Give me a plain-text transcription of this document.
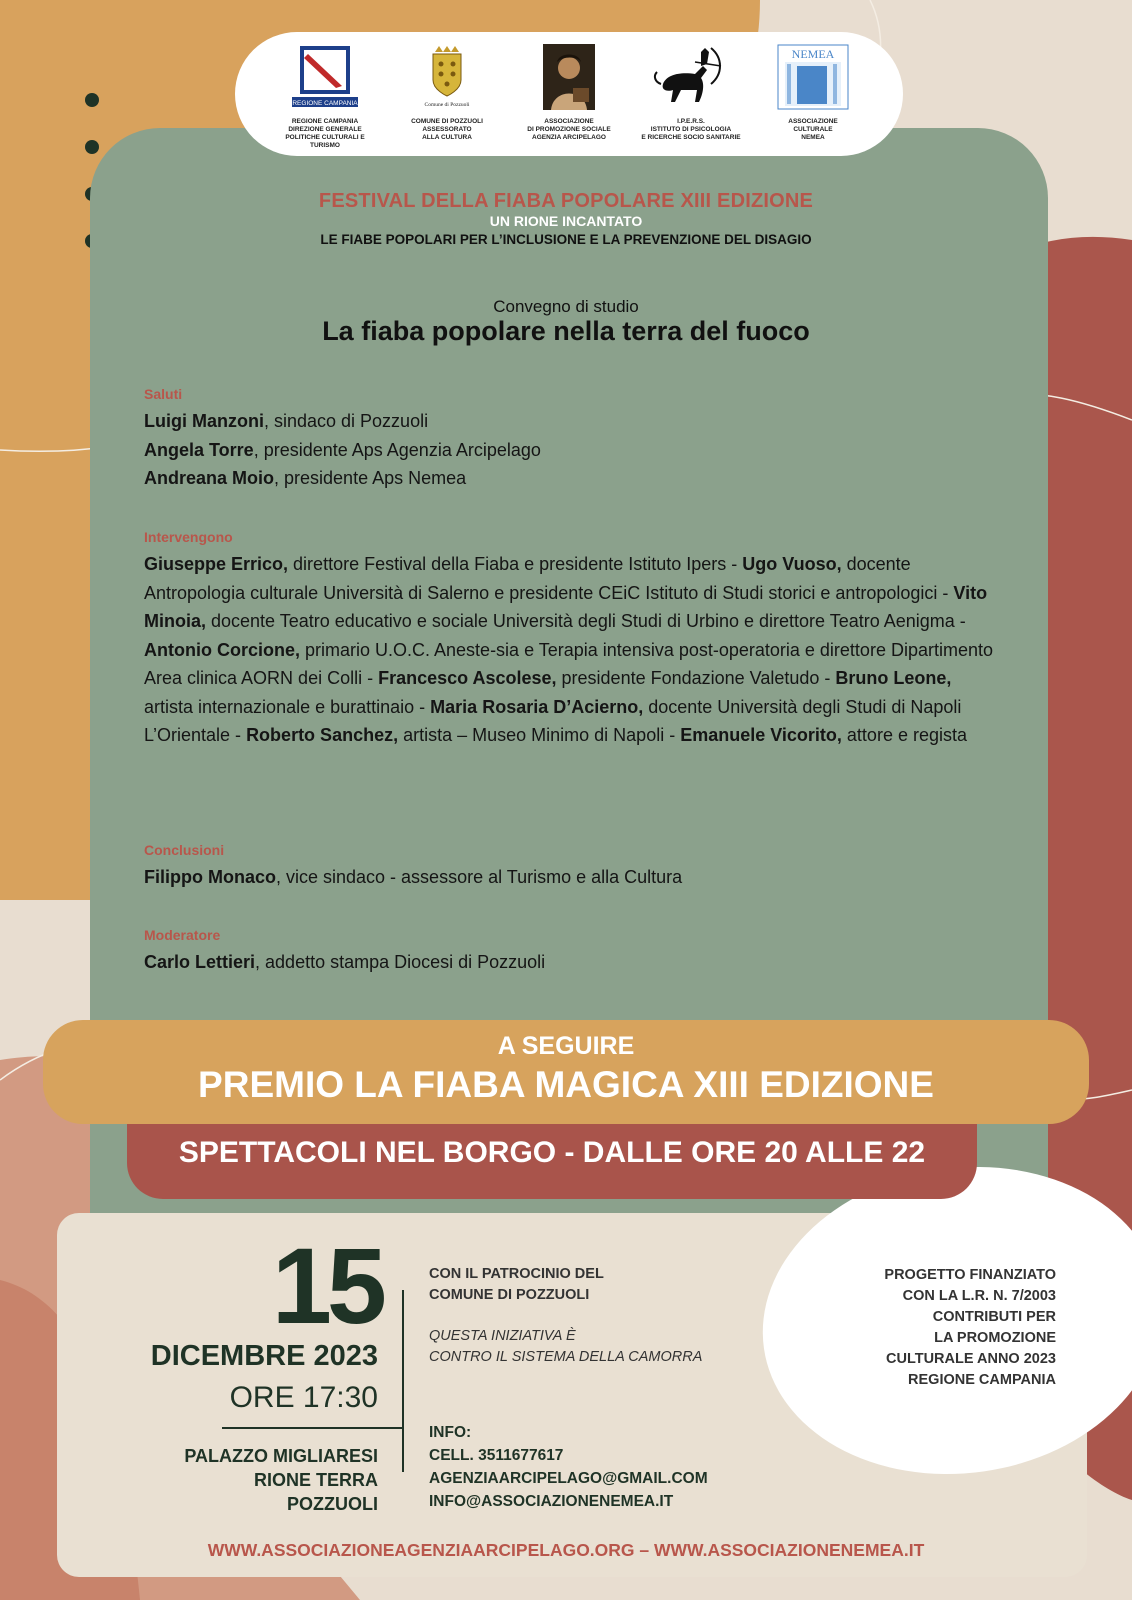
REGIONE CAMPANIA
REGIONE CAMPANIA
DIREZIONE GENERALE
POLITICHE CULTURALI E TURISMO
Comune di Pozzuoli
COMUNE DI POZZUOLI
ASSESSORATO
ALLA CULTURA
ASSOCIAZIONE
DI PROMOZIONE SOCIALE
AGENZIA ARCIPELAGO
I.P.E.R.S.
ISTITUTO DI PSICOLOGIA
E RICERCHE SOCIO SANITARIE
NEMEA
ASSOCIAZIONE
CULTURALE
NEMEA
FESTIVAL DELLA FIABA POPOLARE XIII EDIZIONE
UN RIONE INCANTATO
LE FIABE POPOLARI PER L’INCLUSIONE E LA PREVENZIONE DEL DISAGIO
Convegno di studio
La fiaba popolare nella terra del fuoco
Saluti
Luigi Manzoni, sindaco di Pozzuoli
Angela Torre, presidente Aps Agenzia Arcipelago
Andreana Moio, presidente Aps Nemea
Intervengono
Giuseppe Errico, direttore Festival della Fiaba e presidente Istituto Ipers - Ugo Vuoso, docente Antropologia culturale Università di Salerno e presidente CEiC Istituto di Studi storici e antropologici - Vito Minoia, docente Teatro educativo e sociale Università degli Studi di Urbino e direttore Teatro Aenigma - Antonio Corcione, primario U.O.C. Aneste-sia e Terapia intensiva post-operatoria e direttore Dipartimento Area clinica AORN dei Colli - Francesco Ascolese, presidente Fondazione Valetudo - Bruno Leone, artista internazionale e burattinaio - Maria Rosaria D’Acierno, docente Università degli Studi di Napoli L’Orientale - Roberto Sanchez, artista – Museo Minimo di Napoli - Emanuele Vicorito, attore e regista
Conclusioni
Filippo Monaco, vice sindaco - assessore al Turismo e alla Cultura
Moderatore
Carlo Lettieri, addetto stampa Diocesi di Pozzuoli
SPETTACOLI NEL BORGO - DALLE ORE 20 ALLE 22
A SEGUIRE
PREMIO LA FIABA MAGICA XIII EDIZIONE
15
DICEMBRE 2023
ORE 17:30
PALAZZO MIGLIARESI
RIONE TERRA
POZZUOLI
CON IL PATROCINIO DEL
COMUNE DI POZZUOLI
QUESTA INIZIATIVA È
CONTRO IL SISTEMA DELLA CAMORRA
INFO:
CELL. 3511677617
AGENZIAARCIPELAGO@GMAIL.COM
INFO@ASSOCIAZIONENEMEA.IT
PROGETTO FINANZIATO
CON LA L.R. N. 7/2003
CONTRIBUTI PER
LA PROMOZIONE
CULTURALE ANNO 2023
REGIONE CAMPANIA
WWW.ASSOCIAZIONEAGENZIAARCIPELAGO.ORG – WWW.ASSOCIAZIONENEMEA.IT
